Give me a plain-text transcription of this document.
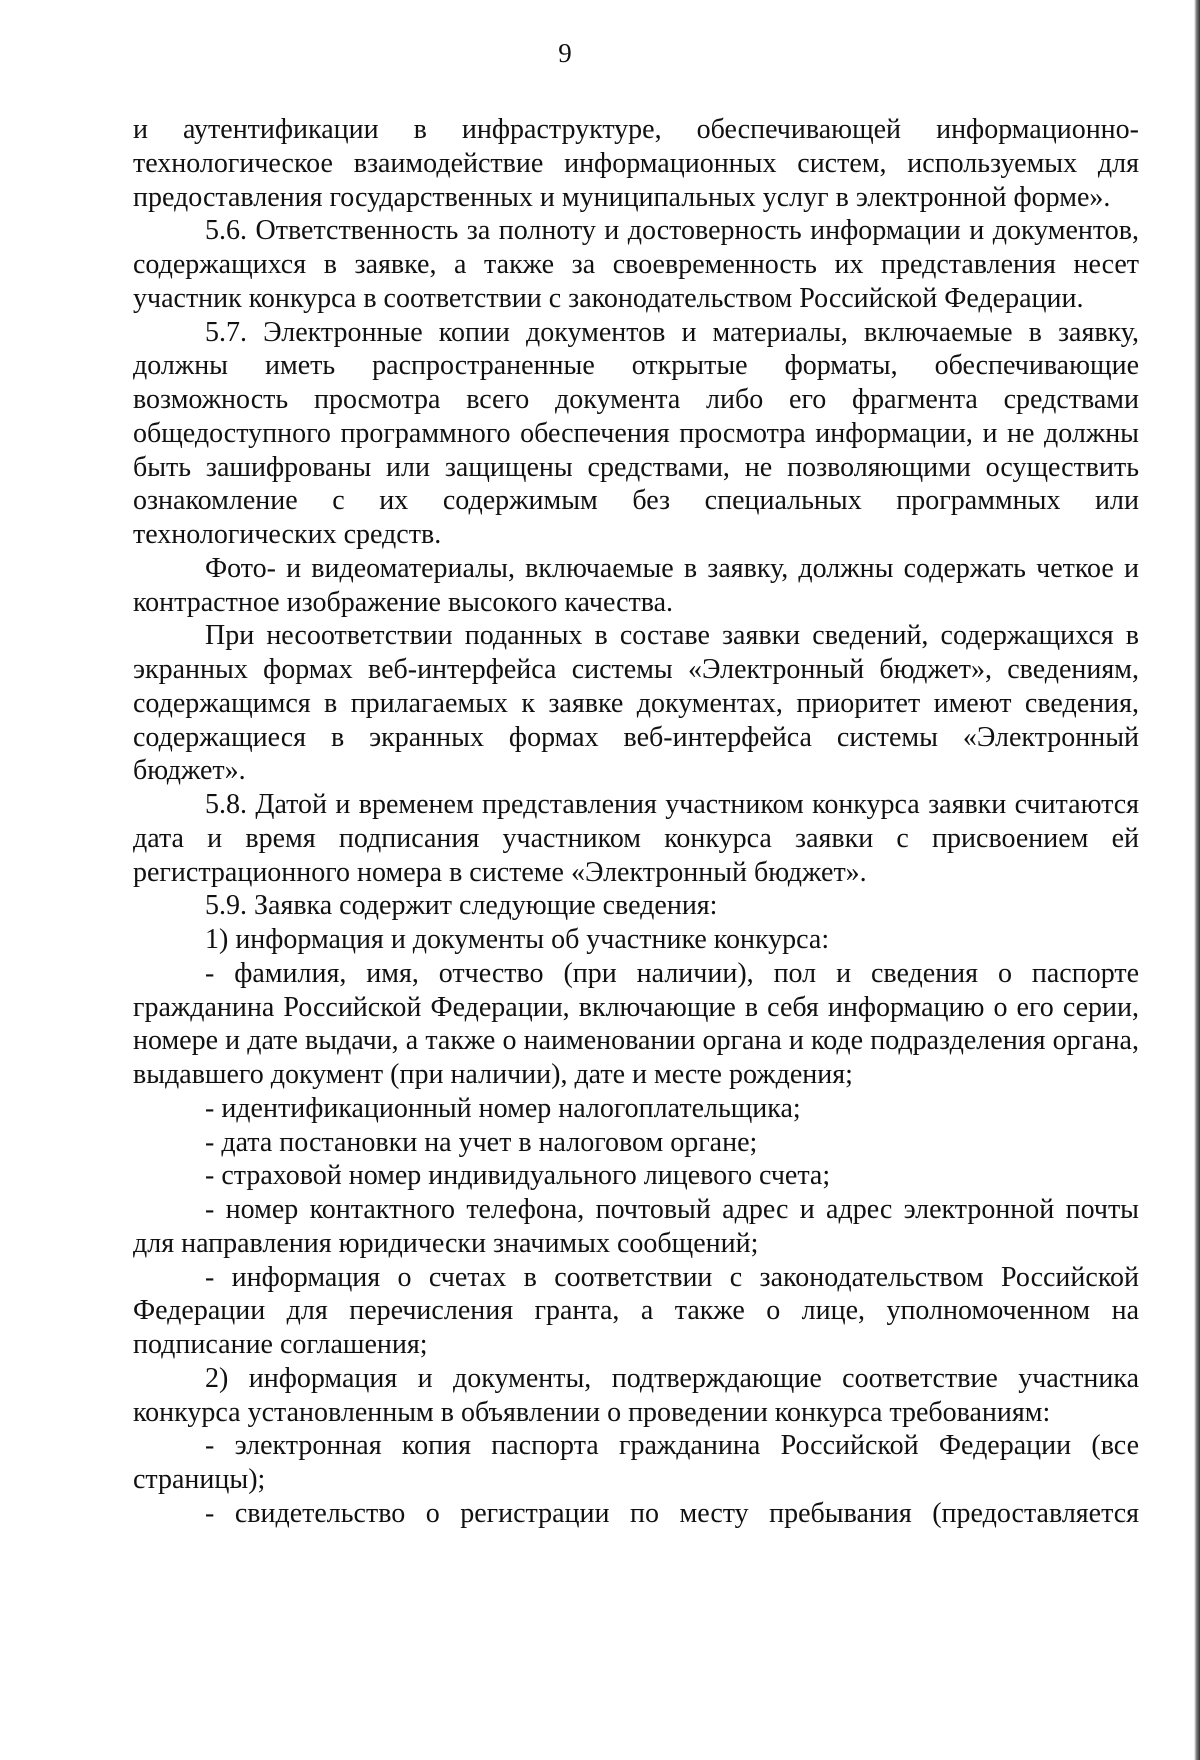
9

и аутентификации в инфраструктуре, обеспечивающей информационно-технологическое взаимодействие информационных систем, используемых для предоставления государственных и муниципальных услуг в электронной форме».

5.6. Ответственность за полноту и достоверность информации и документов, содержащихся в заявке, а также за своевременность их представления несет участник конкурса в соответствии с законодательством Российской Федерации.

5.7. Электронные копии документов и материалы, включаемые в заявку, должны иметь распространенные открытые форматы, обеспечивающие возможность просмотра всего документа либо его фрагмента средствами общедоступного программного обеспечения просмотра информации, и не должны быть зашифрованы или защищены средствами, не позволяющими осуществить ознакомление с их содержимым без специальных программных или технологических средств.

Фото- и видеоматериалы, включаемые в заявку, должны содержать четкое и контрастное изображение высокого качества.

При несоответствии поданных в составе заявки сведений, содержащихся в экранных формах веб-интерфейса системы «Электронный бюджет», сведениям, содержащимся в прилагаемых к заявке документах, приоритет имеют сведения, содержащиеся в экранных формах веб-интерфейса системы «Электронный бюджет».

5.8. Датой и временем представления участником конкурса заявки считаются дата и время подписания участником конкурса заявки с присвоением ей регистрационного номера в системе «Электронный бюджет».

5.9. Заявка содержит следующие сведения:

1) информация и документы об участнике конкурса:

- фамилия, имя, отчество (при наличии), пол и сведения о паспорте гражданина Российской Федерации, включающие в себя информацию о его серии, номере и дате выдачи, а также о наименовании органа и коде подразделения органа, выдавшего документ (при наличии), дате и месте рождения;

- идентификационный номер налогоплательщика;

- дата постановки на учет в налоговом органе;

- страховой номер индивидуального лицевого счета;

- номер контактного телефона, почтовый адрес и адрес электронной почты для направления юридически значимых сообщений;

- информация о счетах в соответствии с законодательством Российской Федерации для перечисления гранта, а также о лице, уполномоченном на подписание соглашения;

2) информация и документы, подтверждающие соответствие участника конкурса установленным в объявлении о проведении конкурса требованиям:

- электронная копия паспорта гражданина Российской Федерации (все страницы);

- свидетельство о регистрации по месту пребывания (предоставляется
